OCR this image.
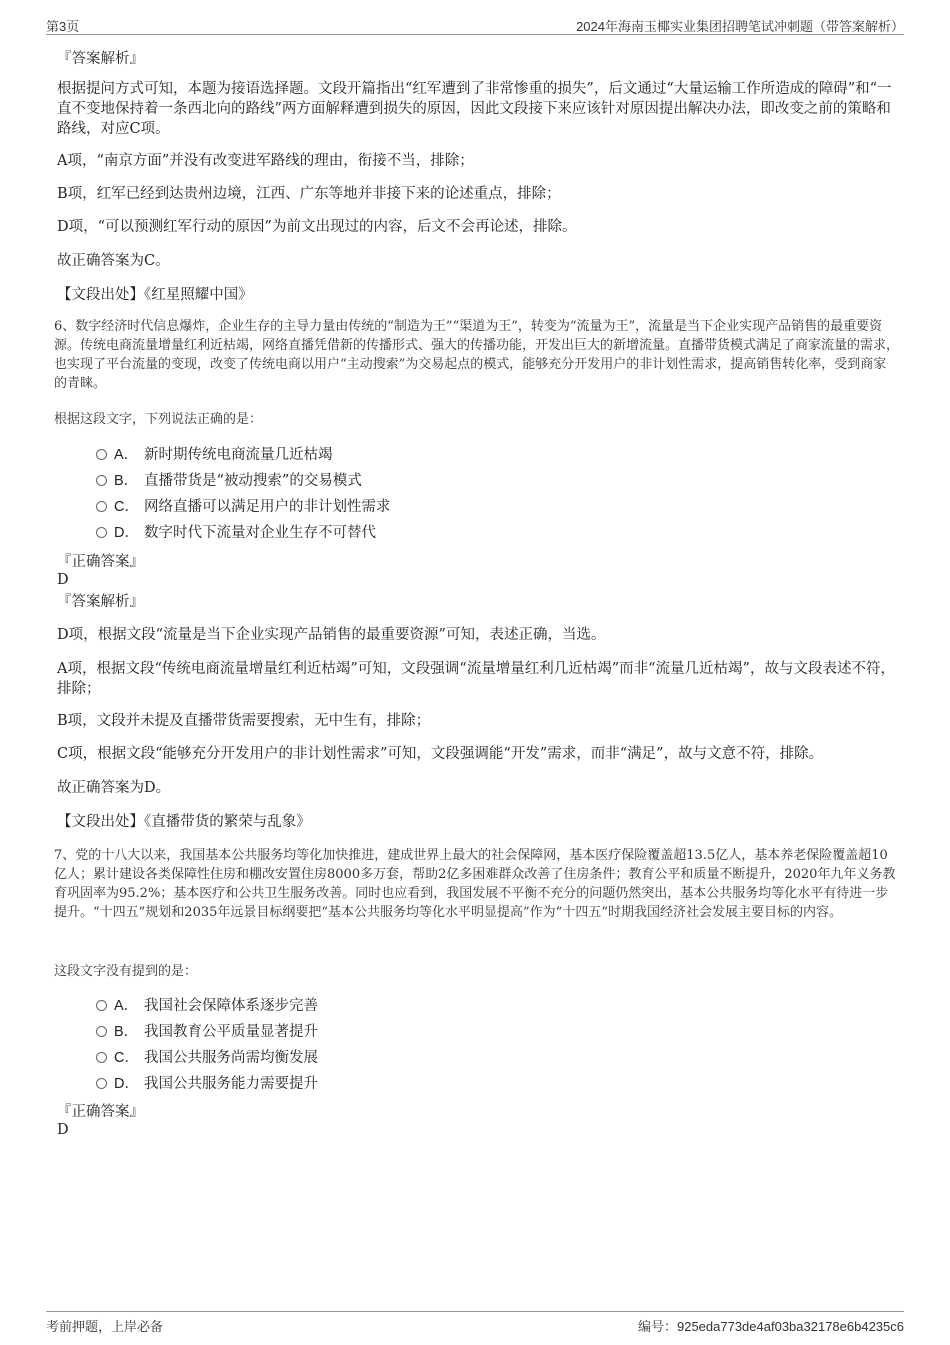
第3页	2024年海南玉椰实业集团招聘笔试冲刺题（带答案解析）

『答案解析』

根据提问方式可知，本题为接语选择题。文段开篇指出“红军遭到了非常惨重的损失”，后文通过“大量运输工作所造成的障碍”和“一直不变地保持着一条西北向的路线”两方面解释遭到损失的原因，因此文段接下来应该针对原因提出解决办法，即改变之前的策略和路线，对应C项。

A项，“南京方面”并没有改变进军路线的理由，衔接不当，排除；

B项，红军已经到达贵州边境，江西、广东等地并非接下来的论述重点，排除；

D项，“可以预测红军行动的原因”为前文出现过的内容，后文不会再论述，排除。

故正确答案为C。

【文段出处】《红星照耀中国》

6、数字经济时代信息爆炸，企业生存的主导力量由传统的“制造为王”“渠道为王”，转变为“流量为王”，流量是当下企业实现产品销售的最重要资源。传统电商流量增量红利近枯竭，网络直播凭借新的传播形式、强大的传播功能，开发出巨大的新增流量。直播带货模式满足了商家流量的需求，也实现了平台流量的变现，改变了传统电商以用户“主动搜索”为交易起点的模式，能够充分开发用户的非计划性需求，提高销售转化率，受到商家的青睐。

根据这段文字，下列说法正确的是：

A． 新时期传统电商流量几近枯竭
B． 直播带货是“被动搜索”的交易模式
C． 网络直播可以满足用户的非计划性需求
D． 数字时代下流量对企业生存不可替代

『正确答案』

D

『答案解析』

D项，根据文段“流量是当下企业实现产品销售的最重要资源”可知，表述正确，当选。

A项，根据文段“传统电商流量增量红利近枯竭”可知，文段强调“流量增量红利几近枯竭”而非“流量几近枯竭”，故与文段表述不符，排除；

B项，文段并未提及直播带货需要搜索，无中生有，排除；

C项，根据文段“能够充分开发用户的非计划性需求”可知，文段强调能“开发”需求，而非“满足”，故与文意不符，排除。

故正确答案为D。

【文段出处】《直播带货的繁荣与乱象》

7、党的十八大以来，我国基本公共服务均等化加快推进，建成世界上最大的社会保障网，基本医疗保险覆盖超13.5亿人，基本养老保险覆盖超10亿人；累计建设各类保障性住房和棚改安置住房8000多万套，帮助2亿多困难群众改善了住房条件；教育公平和质量不断提升，2020年九年义务教育巩固率为95.2%；基本医疗和公共卫生服务改善。同时也应看到，我国发展不平衡不充分的问题仍然突出，基本公共服务均等化水平有待进一步提升。“十四五”规划和2035年远景目标纲要把“基本公共服务均等化水平明显提高”作为“十四五”时期我国经济社会发展主要目标的内容。

这段文字没有提到的是：

A． 我国社会保障体系逐步完善
B． 我国教育公平质量显著提升
C． 我国公共服务尚需均衡发展
D． 我国公共服务能力需要提升

『正确答案』

D

考前押题，上岸必备	编号：925eda773de4af03ba32178e6b4235c6
